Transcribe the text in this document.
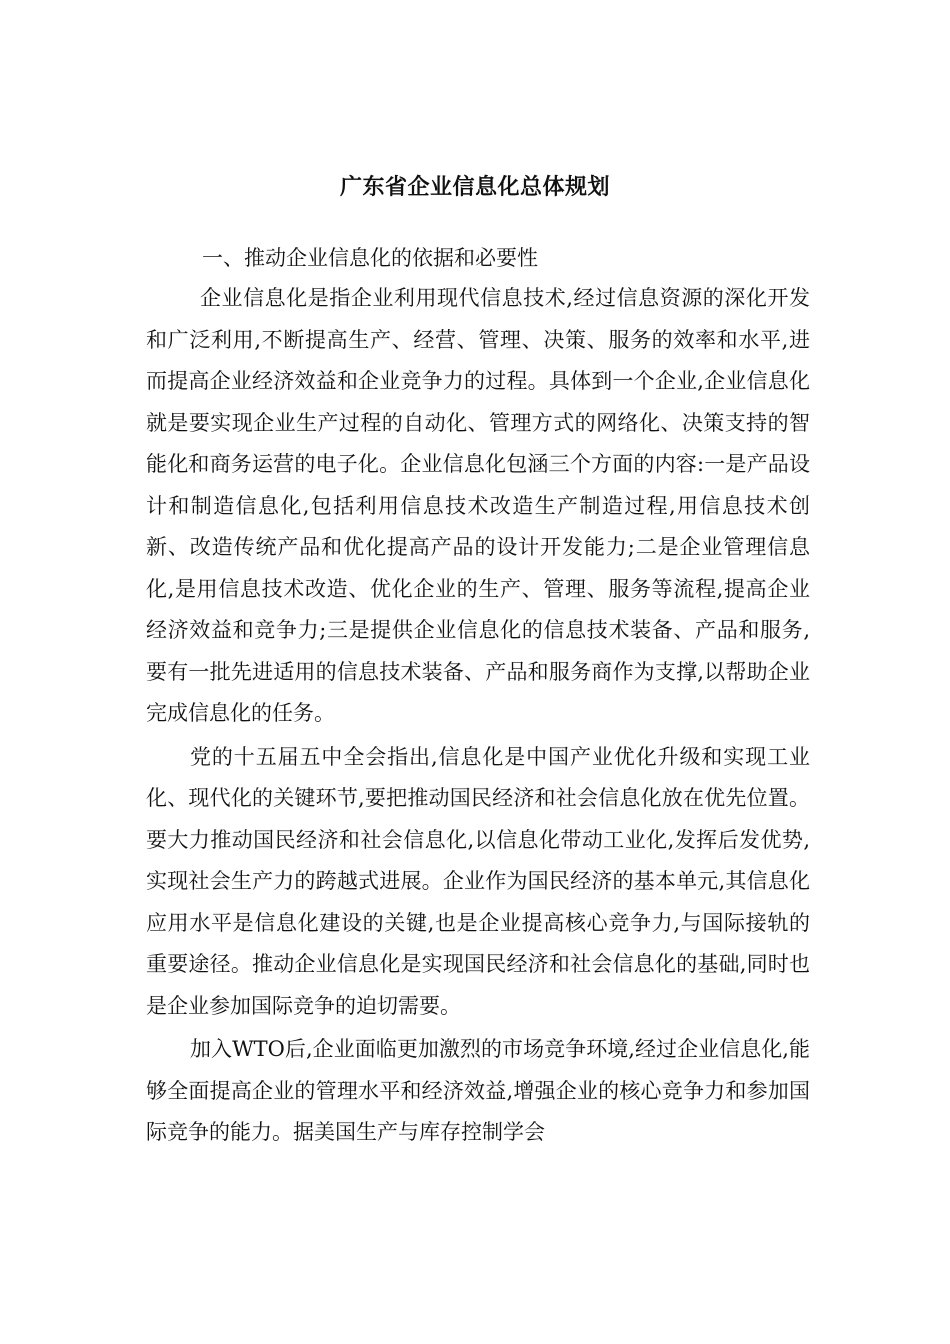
广东省企业信息化总体规划

一、推动企业信息化的依据和必要性

企业信息化是指企业利用现代信息技术,经过信息资源的深化开发和广泛利用,不断提高生产、经营、管理、决策、服务的效率和水平,进而提高企业经济效益和企业竞争力的过程。具体到一个企业,企业信息化就是要实现企业生产过程的自动化、管理方式的网络化、决策支持的智能化和商务运营的电子化。企业信息化包涵三个方面的内容:一是产品设计和制造信息化,包括利用信息技术改造生产制造过程,用信息技术创新、改造传统产品和优化提高产品的设计开发能力;二是企业管理信息化,是用信息技术改造、优化企业的生产、管理、服务等流程,提高企业经济效益和竞争力;三是提供企业信息化的信息技术装备、产品和服务,要有一批先进适用的信息技术装备、产品和服务商作为支撑,以帮助企业完成信息化的任务。

党的十五届五中全会指出,信息化是中国产业优化升级和实现工业化、现代化的关键环节,要把推动国民经济和社会信息化放在优先位置。要大力推动国民经济和社会信息化,以信息化带动工业化,发挥后发优势,实现社会生产力的跨越式进展。企业作为国民经济的基本单元,其信息化应用水平是信息化建设的关键,也是企业提高核心竞争力,与国际接轨的重要途径。推动企业信息化是实现国民经济和社会信息化的基础,同时也是企业参加国际竞争的迫切需要。

加入WTO后,企业面临更加激烈的市场竞争环境,经过企业信息化,能够全面提高企业的管理水平和经济效益,增强企业的核心竞争力和参加国际竞争的能力。据美国生产与库存控制学会
